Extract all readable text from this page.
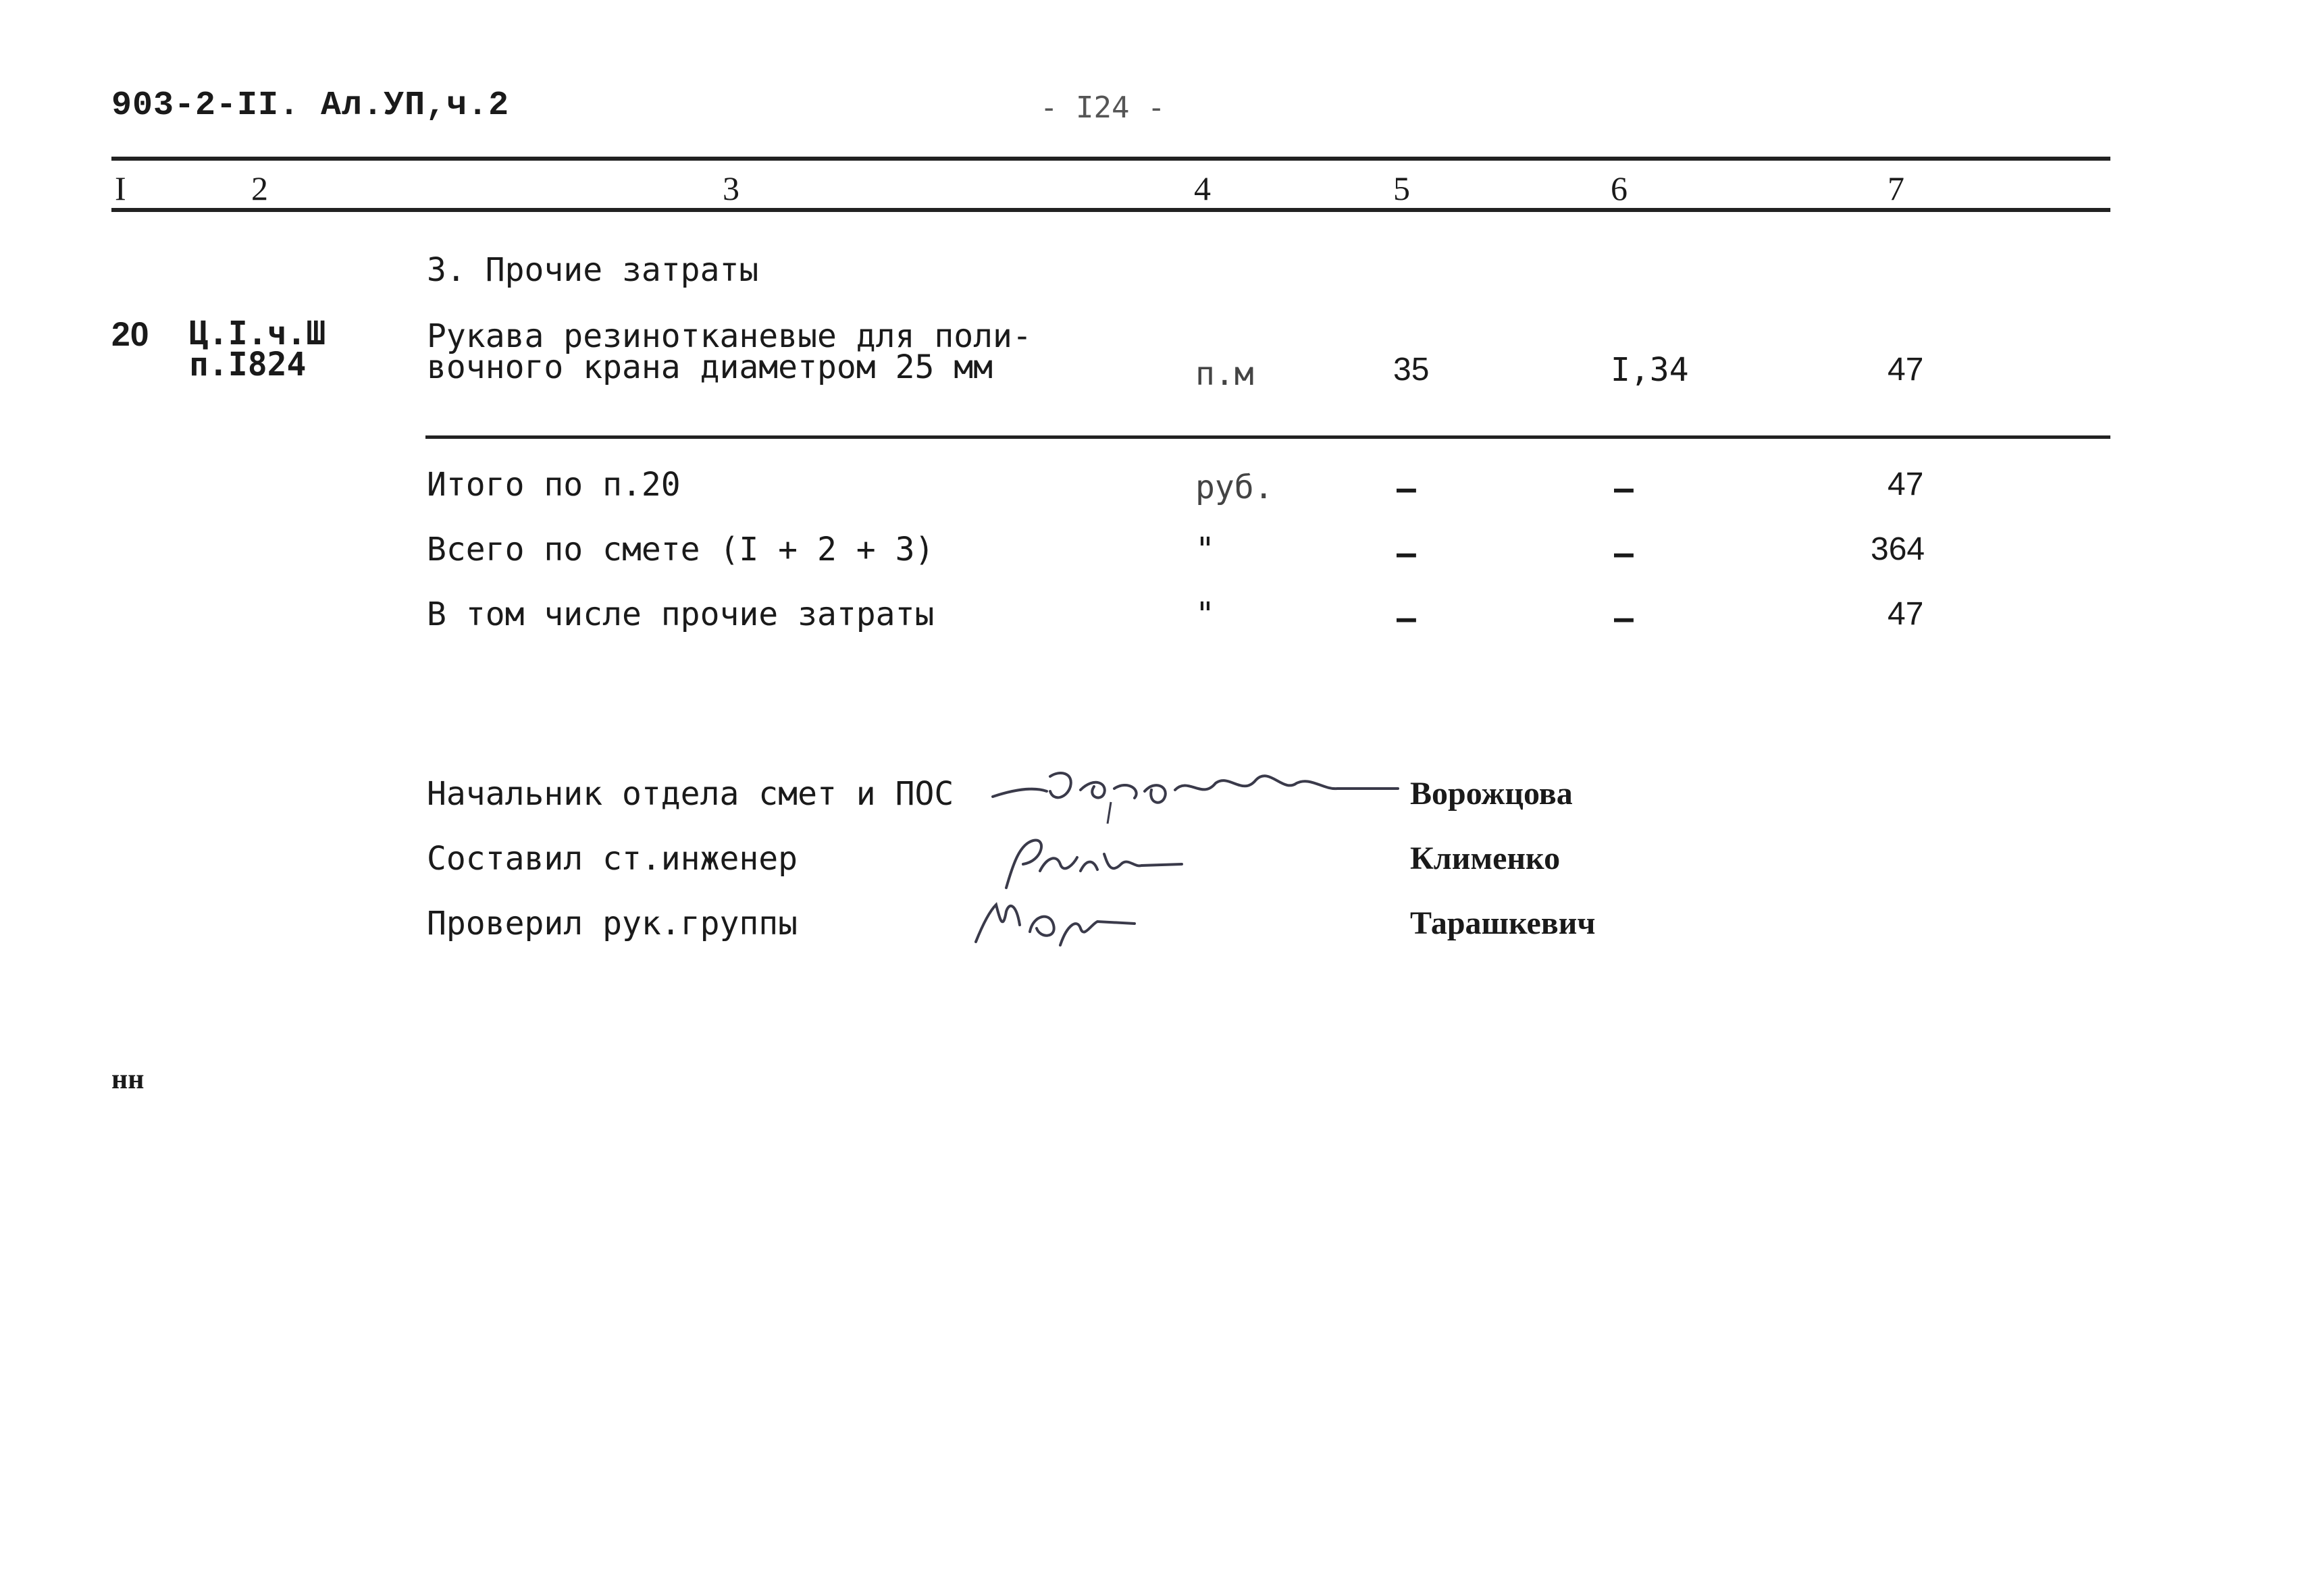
903-2-II. Ал.УП,ч.2	- I24 -
I	2	3	4	5	6	7
3. Прочие затраты
20 Ц.I.ч.Ш
п.I824
Рукава резинотканевые для поли-
вочного крана диаметром 25 мм	п.м	35	I,34	47
Итого по п.20	руб.	–	–	47
Всего по смете (I + 2 + 3)	"	–	–	364
В том числе прочие затраты	"	–	–	47
Начальник отдела смет и ПОС
Составил ст.инженер
Проверил рук.группы
Ворожцова
Клименко
Тарашкевич
нн
